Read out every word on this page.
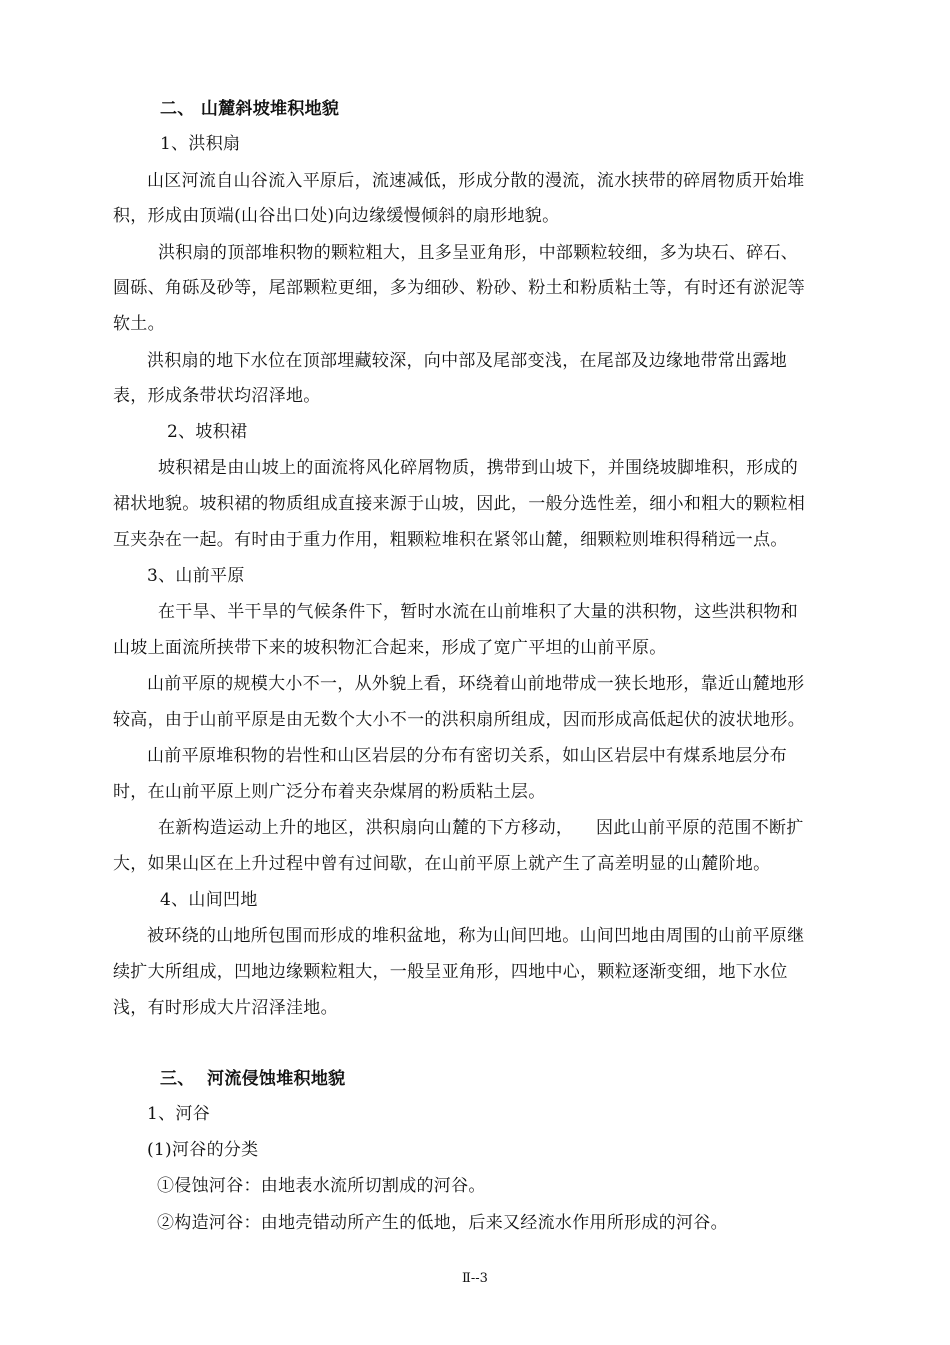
二、 山麓斜坡堆积地貌
1、洪积扇
山区河流自山谷流入平原后，流速减低，形成分散的漫流，流水挟带的碎屑物质开始堆
积，形成由顶端(山谷出口处)向边缘缓慢倾斜的扇形地貌。
洪积扇的顶部堆积物的颗粒粗大，且多呈亚角形，中部颗粒较细，多为块石、碎石、
圆砾、角砾及砂等，尾部颗粒更细，多为细砂、粉砂、粉土和粉质粘土等，有时还有淤泥等
软土。
洪积扇的地下水位在顶部埋藏较深，向中部及尾部变浅，在尾部及边缘地带常出露地
表，形成条带状均沼泽地。
2、坡积裙
坡积裙是由山坡上的面流将风化碎屑物质，携带到山坡下，并围绕坡脚堆积，形成的
裙状地貌。坡积裙的物质组成直接来源于山坡，因此，一般分选性差，细小和粗大的颗粒相
互夹杂在一起。有时由于重力作用，粗颗粒堆积在紧邻山麓，细颗粒则堆积得稍远一点。
3、山前平原
在干旱、半干旱的气候条件下，暂时水流在山前堆积了大量的洪积物，这些洪积物和
山坡上面流所挟带下来的坡积物汇合起来，形成了宽广平坦的山前平原。
山前平原的规模大小不一，从外貌上看，环绕着山前地带成一狭长地形，靠近山麓地形
较高，由于山前平原是由无数个大小不一的洪积扇所组成，因而形成高低起伏的波状地形。
山前平原堆积物的岩性和山区岩层的分布有密切关系，如山区岩层中有煤系地层分布
时，在山前平原上则广泛分布着夹杂煤屑的粉质粘土层。
在新构造运动上升的地区，洪积扇向山麓的下方移动，    因此山前平原的范围不断扩
大，如果山区在上升过程中曾有过间歇，在山前平原上就产生了高差明显的山麓阶地。
4、山间凹地
被环绕的山地所包围而形成的堆积盆地，称为山间凹地。山间凹地由周围的山前平原继
续扩大所组成，凹地边缘颗粒粗大，一般呈亚角形，四地中心，颗粒逐渐变细，地下水位
浅，有时形成大片沼泽洼地。
三、  河流侵蚀堆积地貌
1、河谷
(1)河谷的分类
①侵蚀河谷：由地表水流所切割成的河谷。
②构造河谷：由地壳错动所产生的低地，后来又经流水作用所形成的河谷。
Ⅱ--3
